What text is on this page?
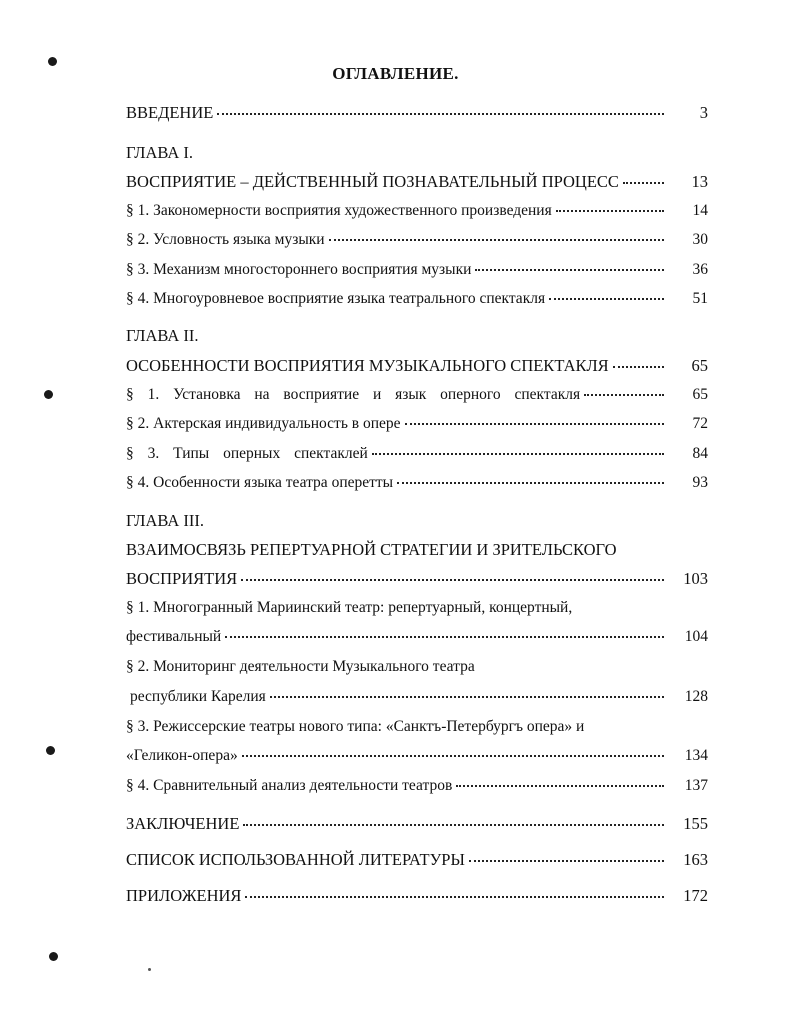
ОГЛАВЛЕНИЕ.
ВВЕДЕНИЕ	3
ГЛАВА I.
ВОСПРИЯТИЕ – ДЕЙСТВЕННЫЙ ПОЗНАВАТЕЛЬНЫЙ ПРОЦЕСС	13
§ 1. Закономерности восприятия художественного произведения	14
§ 2. Условность языка музыки	30
§ 3. Механизм многостороннего восприятия музыки	36
§ 4. Многоуровневое восприятие языка театрального спектакля	51
ГЛАВА II.
ОСОБЕННОСТИ ВОСПРИЯТИЯ МУЗЫКАЛЬНОГО СПЕКТАКЛЯ	65
§ 1. Установка на восприятие и язык оперного спектакля	65
§ 2. Актерская индивидуальность в опере	72
§ 3. Типы оперных спектаклей	84
§ 4. Особенности языка театра оперетты	93
ГЛАВА III.
ВЗАИМОСВЯЗЬ РЕПЕРТУАРНОЙ СТРАТЕГИИ И ЗРИТЕЛЬСКОГО
ВОСПРИЯТИЯ	103
§ 1. Многогранный Мариинский театр: репертуарный, концертный,
фестивальный	104
§ 2. Мониторинг деятельности Музыкального театра
республики Карелия	128
§ 3. Режиссерские театры нового типа: «Санктъ-Петербургъ опера» и
«Геликон-опера»	134
§ 4. Сравнительный анализ деятельности театров	137
ЗАКЛЮЧЕНИЕ	155
СПИСОК ИСПОЛЬЗОВАННОЙ ЛИТЕРАТУРЫ	163
ПРИЛОЖЕНИЯ	172
